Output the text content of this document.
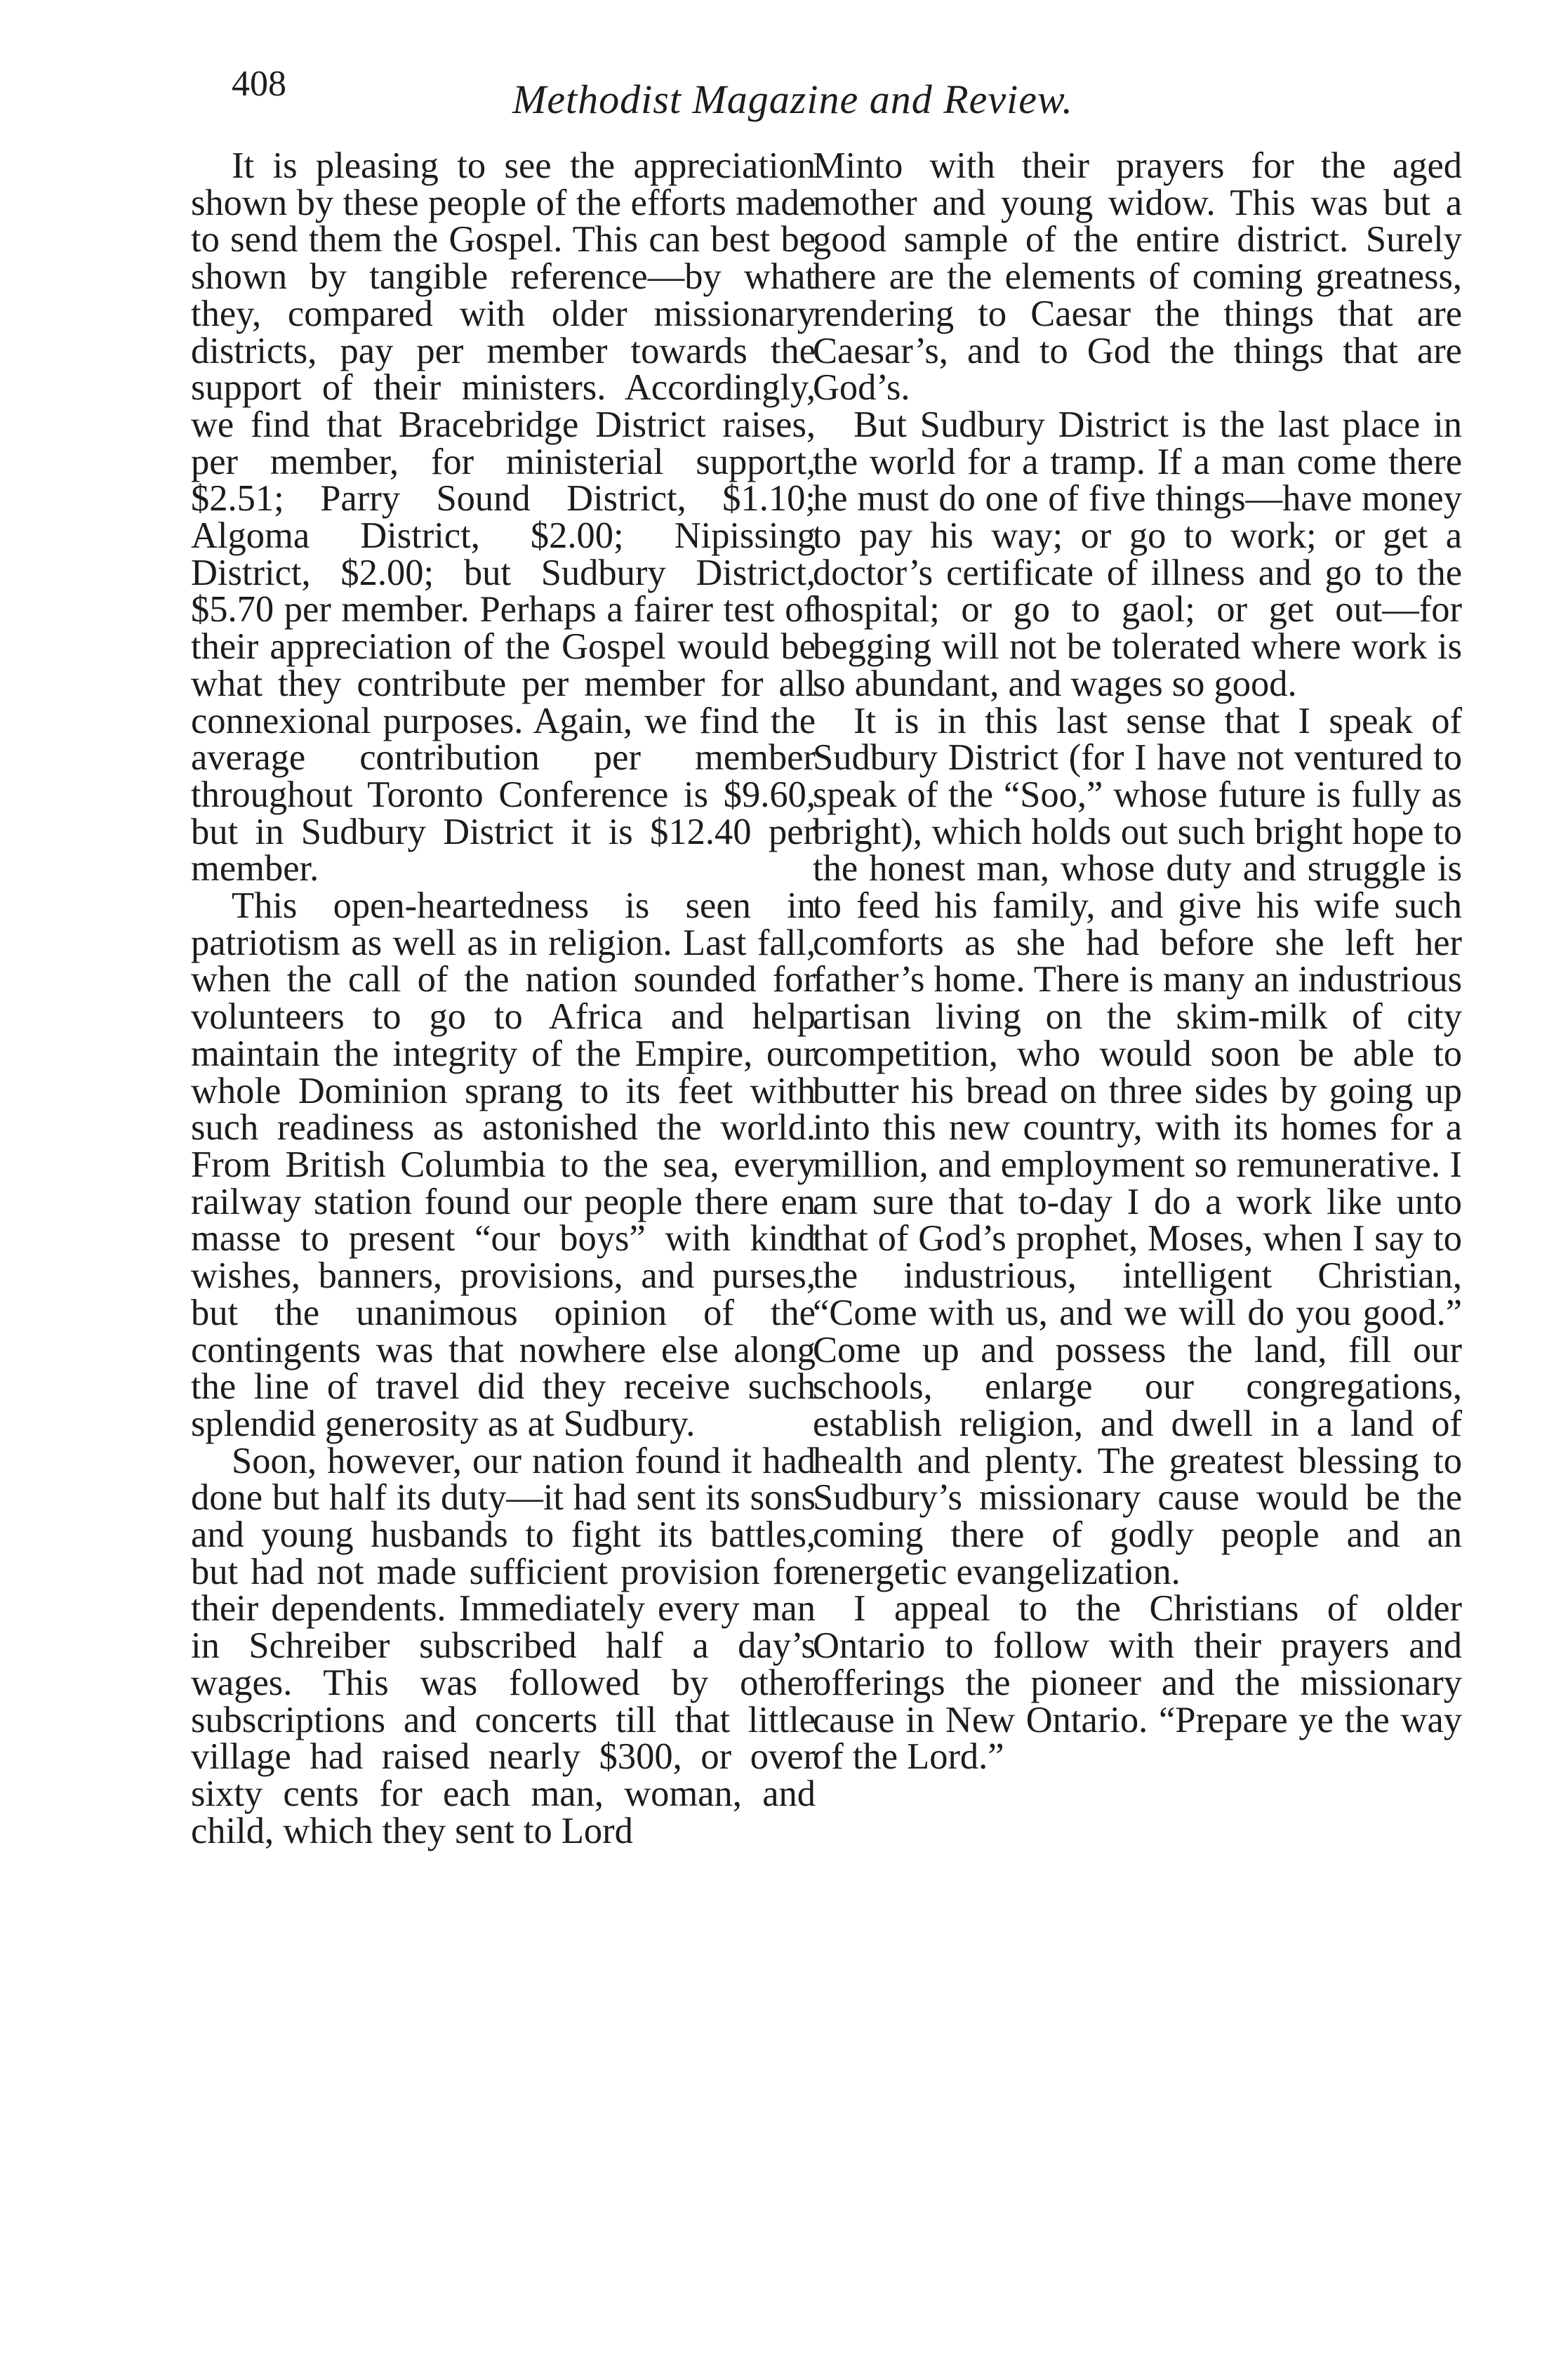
408	Methodist Magazine and Review.

It is pleasing to see the appreciation shown by these people of the efforts made to send them the Gospel. This can best be shown by tangible reference—by what they, compared with older missionary districts, pay per member towards the support of their ministers. Accordingly, we find that Bracebridge District raises, per member, for ministerial support, $2.51; Parry Sound District, $1.10; Algoma District, $2.00; Nipissing District, $2.00; but Sudbury District, $5.70 per member. Perhaps a fairer test of their appreciation of the Gospel would be what they contribute per member for all connexional purposes. Again, we find the average contribution per member throughout Toronto Conference is $9.60, but in Sudbury District it is $12.40 per member.

This open-heartedness is seen in patriotism as well as in religion. Last fall, when the call of the nation sounded for volunteers to go to Africa and help maintain the integrity of the Empire, our whole Dominion sprang to its feet with such readiness as astonished the world. From British Columbia to the sea, every railway station found our people there en masse to present “our boys” with kind wishes, banners, provisions, and purses, but the unanimous opinion of the contingents was that nowhere else along the line of travel did they receive such splendid generosity as at Sudbury.

Soon, however, our nation found it had done but half its duty—it had sent its sons and young husbands to fight its battles, but had not made sufficient provision for their dependents. Immediately every man in Schreiber subscribed half a day’s wages. This was followed by other subscriptions and concerts till that little village had raised nearly $300, or over sixty cents for each man, woman, and child, which they sent to Lord

Minto with their prayers for the aged mother and young widow. This was but a good sample of the entire district. Surely here are the elements of coming greatness, rendering to Caesar the things that are Caesar’s, and to God the things that are God’s.

But Sudbury District is the last place in the world for a tramp. If a man come there he must do one of five things—have money to pay his way; or go to work; or get a doctor’s certificate of illness and go to the hospital; or go to gaol; or get out—for begging will not be tolerated where work is so abundant, and wages so good.

It is in this last sense that I speak of Sudbury District (for I have not ventured to speak of the “Soo,” whose future is fully as bright), which holds out such bright hope to the honest man, whose duty and struggle is to feed his family, and give his wife such comforts as she had before she left her father’s home. There is many an industrious artisan living on the skim-milk of city competition, who would soon be able to butter his bread on three sides by going up into this new country, with its homes for a million, and employment so remunerative. I am sure that to-day I do a work like unto that of God’s prophet, Moses, when I say to the industrious, intelligent Christian, “Come with us, and we will do you good.” Come up and possess the land, fill our schools, enlarge our congregations, establish religion, and dwell in a land of health and plenty. The greatest blessing to Sudbury’s missionary cause would be the coming there of godly people and an energetic evangelization.

I appeal to the Christians of older Ontario to follow with their prayers and offerings the pioneer and the missionary cause in New Ontario. “Prepare ye the way of the Lord.”
